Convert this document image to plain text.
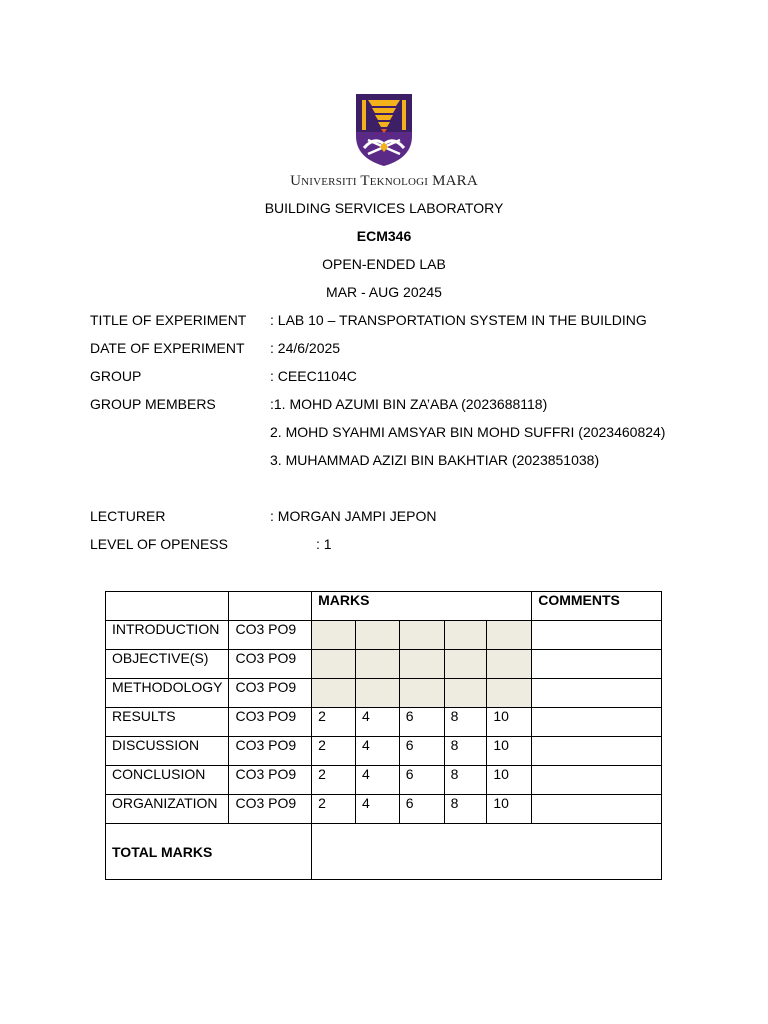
Universiti Teknologi MARA
BUILDING SERVICES LABORATORY
ECM346
OPEN-ENDED LAB
MAR - AUG 20245
TITLE OF EXPERIMENT : LAB 10 – TRANSPORTATION SYSTEM IN THE BUILDING
DATE OF EXPERIMENT : 24/6/2025
GROUP	: CEEC1104C
GROUP MEMBERS	:1. MOHD AZUMI BIN ZA’ABA (2023688118)
2. MOHD SYAHMI AMSYAR BIN MOHD SUFFRI (2023460824)
3. MUHAMMAD AZIZI BIN BAKHTIAR (2023851038)
LECTURER	: MORGAN JAMPI JEPON
LEVEL OF OPENESS	: 1
		MARKS					COMMENTS
INTRODUCTION	CO3 PO9						
OBJECTIVE(S)	CO3 PO9						
METHODOLOGY	CO3 PO9						
RESULTS	CO3 PO9	2	4	6	8	10	
DISCUSSION	CO3 PO9	2	4	6	8	10	
CONCLUSION	CO3 PO9	2	4	6	8	10	
ORGANIZATION	CO3 PO9	2	4	6	8	10	
TOTAL MARKS							
